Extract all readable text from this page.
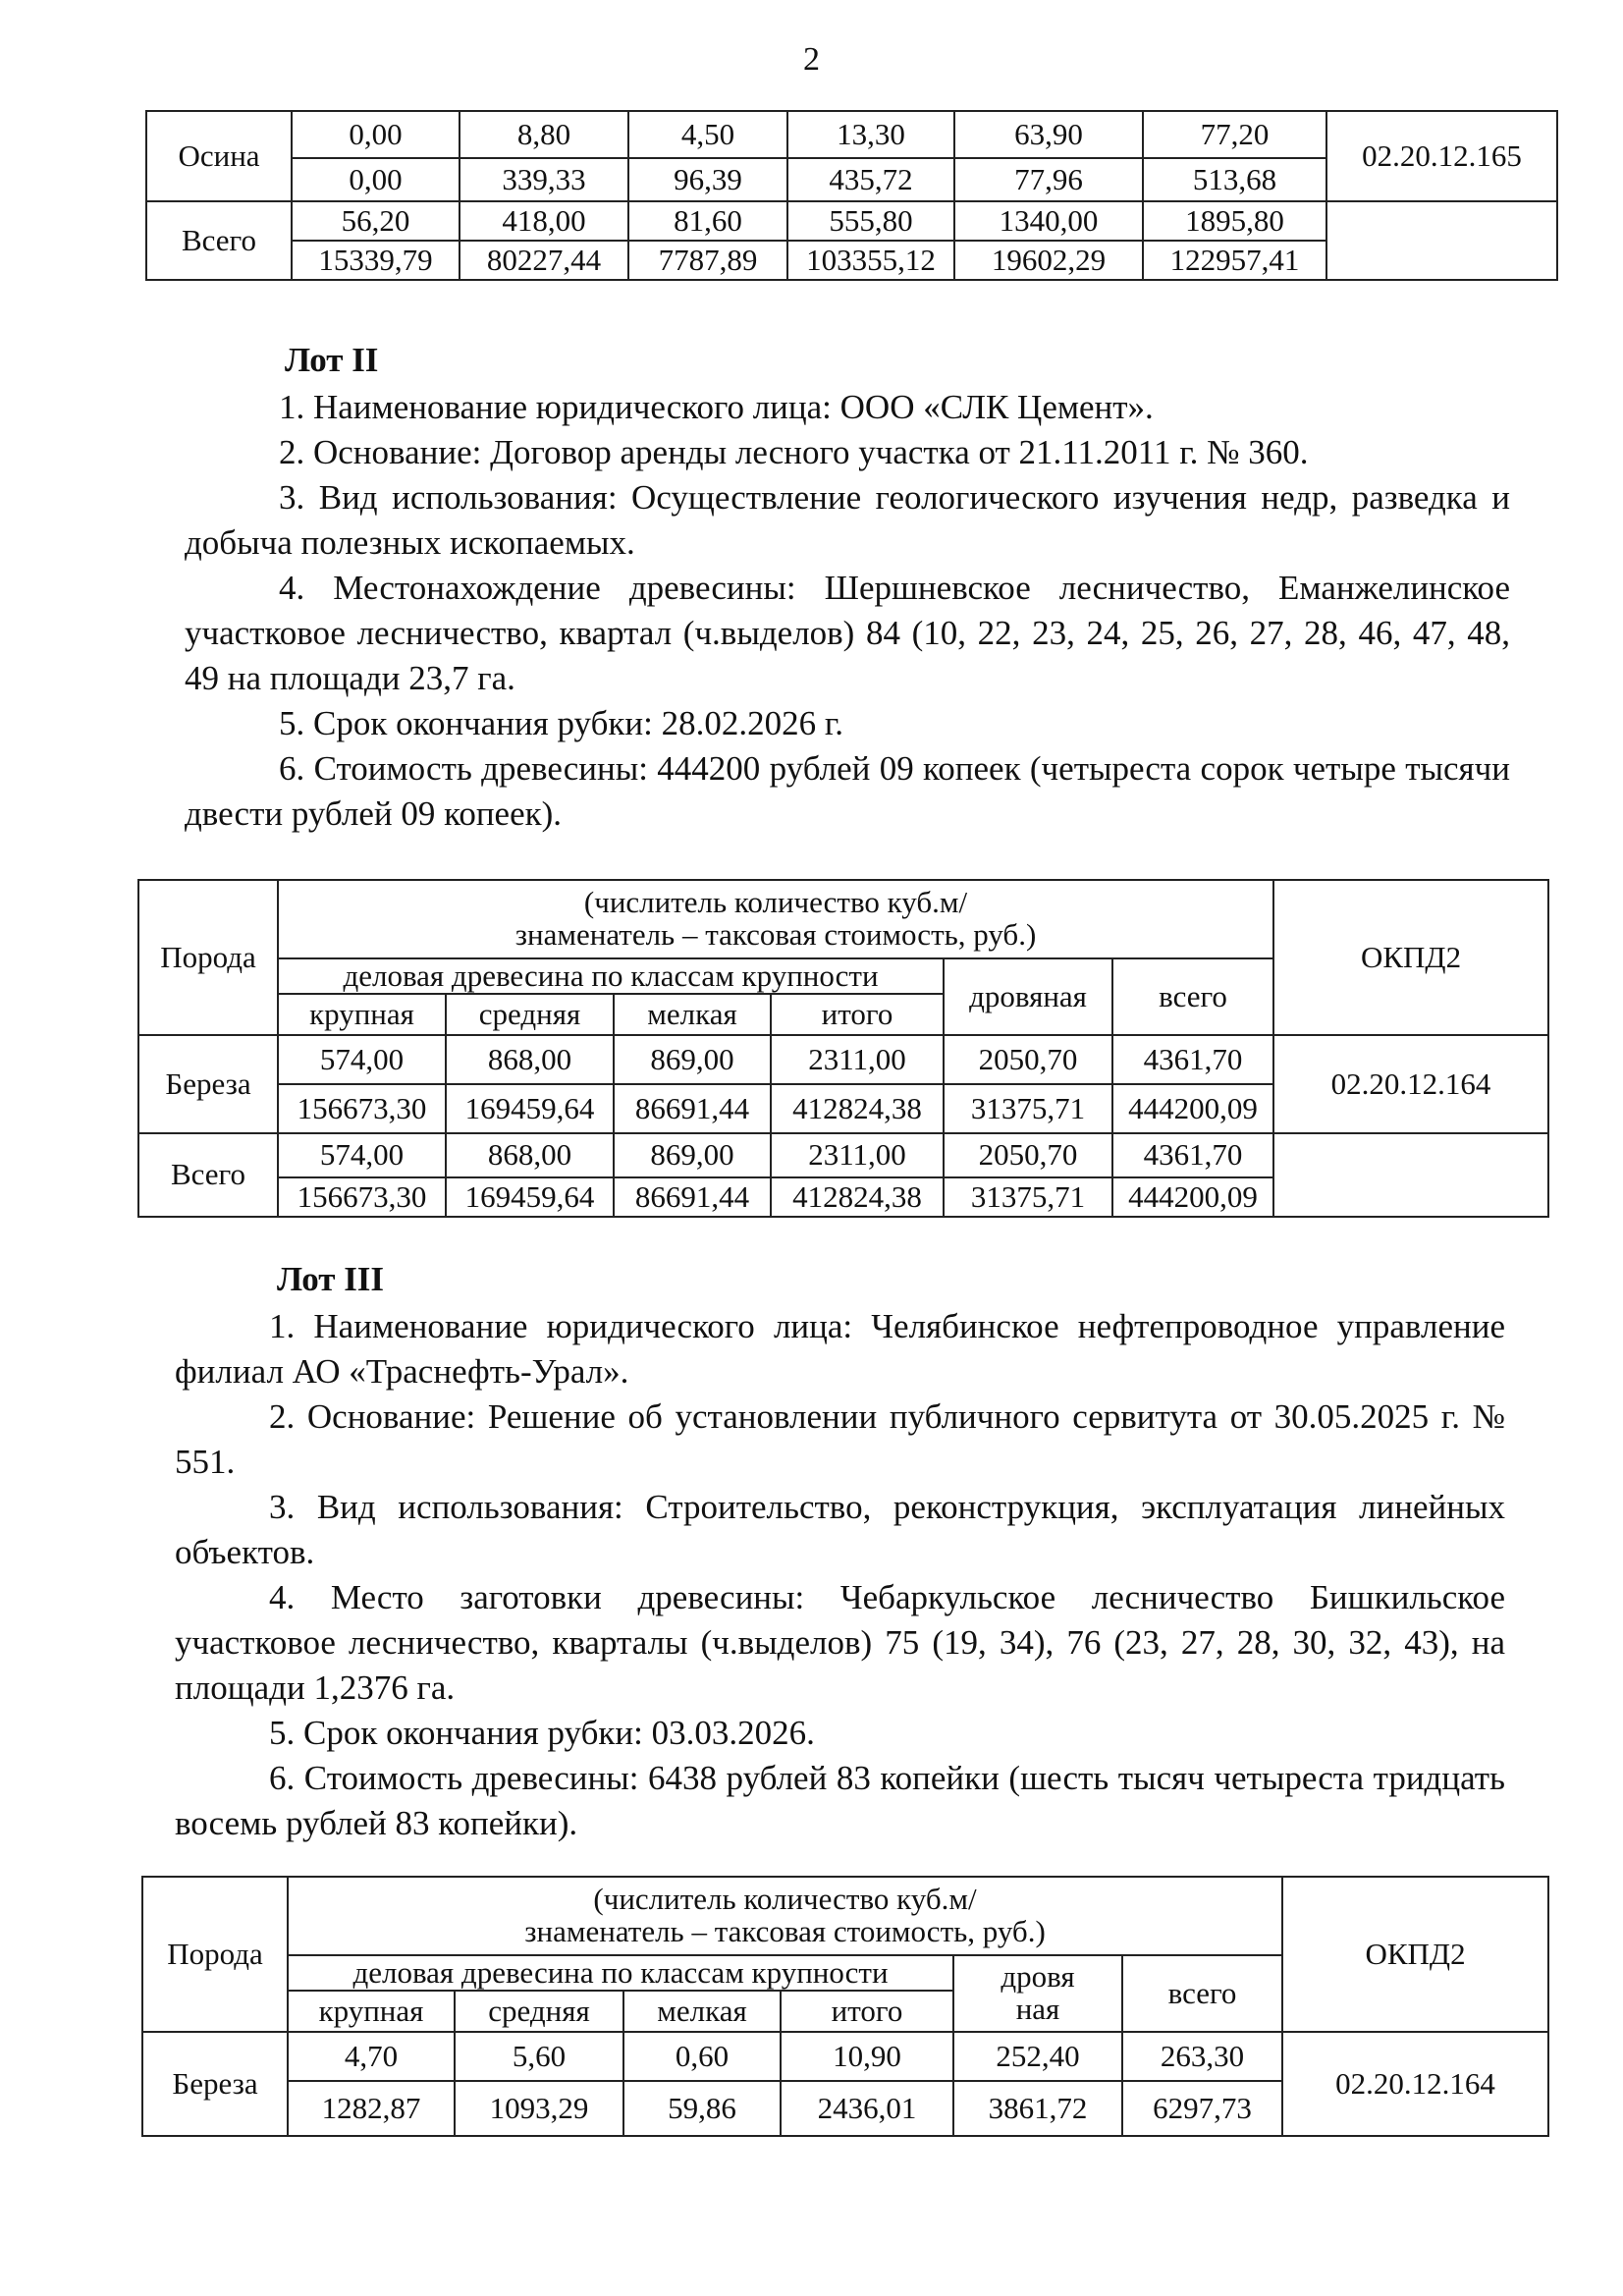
2
Осина	0,00	8,80	4,50	13,30	63,90	77,20	02.20.12.165
	0,00	339,33	96,39	435,72	77,96	513,68	
Всего	56,20	418,00	81,60	555,80	1340,00	1895,80	
	15339,79	80227,44	7787,89	103355,12	19602,29	122957,41	
Лот II

1. Наименование юридического лица: ООО «СЛК Цемент».

2. Основание: Договор аренды лесного участка от 21.11.2011 г. № 360.

3. Вид использования: Осуществление геологического изучения недр, разведка и добыча полезных ископаемых.

4. Местонахождение древесины: Шершневское лесничество, Еманжелинское участковое лесничество, квартал (ч.выделов) 84 (10, 22, 23, 24, 25, 26, 27, 28, 46, 47, 48, 49 на площади 23,7 га.

5. Срок окончания рубки: 28.02.2026 г.

6. Стоимость древесины: 444200 рублей 09 копеек (четыреста сорок четыре тысячи двести рублей 09 копеек).

Порода	(числитель количество куб.м/
знаменатель – таксовая стоимость, руб.)						ОКПД2
	деловая древесина по классам крупности				дровяная	всего	
	крупная	средняя	мелкая	итого			
Береза	574,00	868,00	869,00	2311,00	2050,70	4361,70	02.20.12.164
	156673,30	169459,64	86691,44	412824,38	31375,71	444200,09	
Всего	574,00	868,00	869,00	2311,00	2050,70	4361,70	
	156673,30	169459,64	86691,44	412824,38	31375,71	444200,09	
Лот III

1. Наименование юридического лица: Челябинское нефтепроводное управление филиал АО «Траснефть-Урал».

2. Основание: Решение об установлении публичного сервитута от 30.05.2025 г. № 551.

3. Вид использования: Строительство, реконструкция, эксплуатация линейных объектов.

4. Место заготовки древесины: Чебаркульское лесничество Бишкильское участковое лесничество, кварталы (ч.выделов) 75 (19, 34), 76 (23, 27, 28, 30, 32, 43), на площади 1,2376 га.

5. Срок окончания рубки: 03.03.2026.

6. Стоимость древесины: 6438 рублей 83 копейки (шесть тысяч четыреста тридцать восемь рублей 83 копейки).

Порода	(числитель количество куб.м/
знаменатель – таксовая стоимость, руб.)						ОКПД2
	деловая древесина по классам крупности				дровя
ная	всего	
	крупная	средняя	мелкая	итого			
Береза	4,70	5,60	0,60	10,90	252,40	263,30	02.20.12.164
	1282,87	1093,29	59,86	2436,01	3861,72	6297,73	
